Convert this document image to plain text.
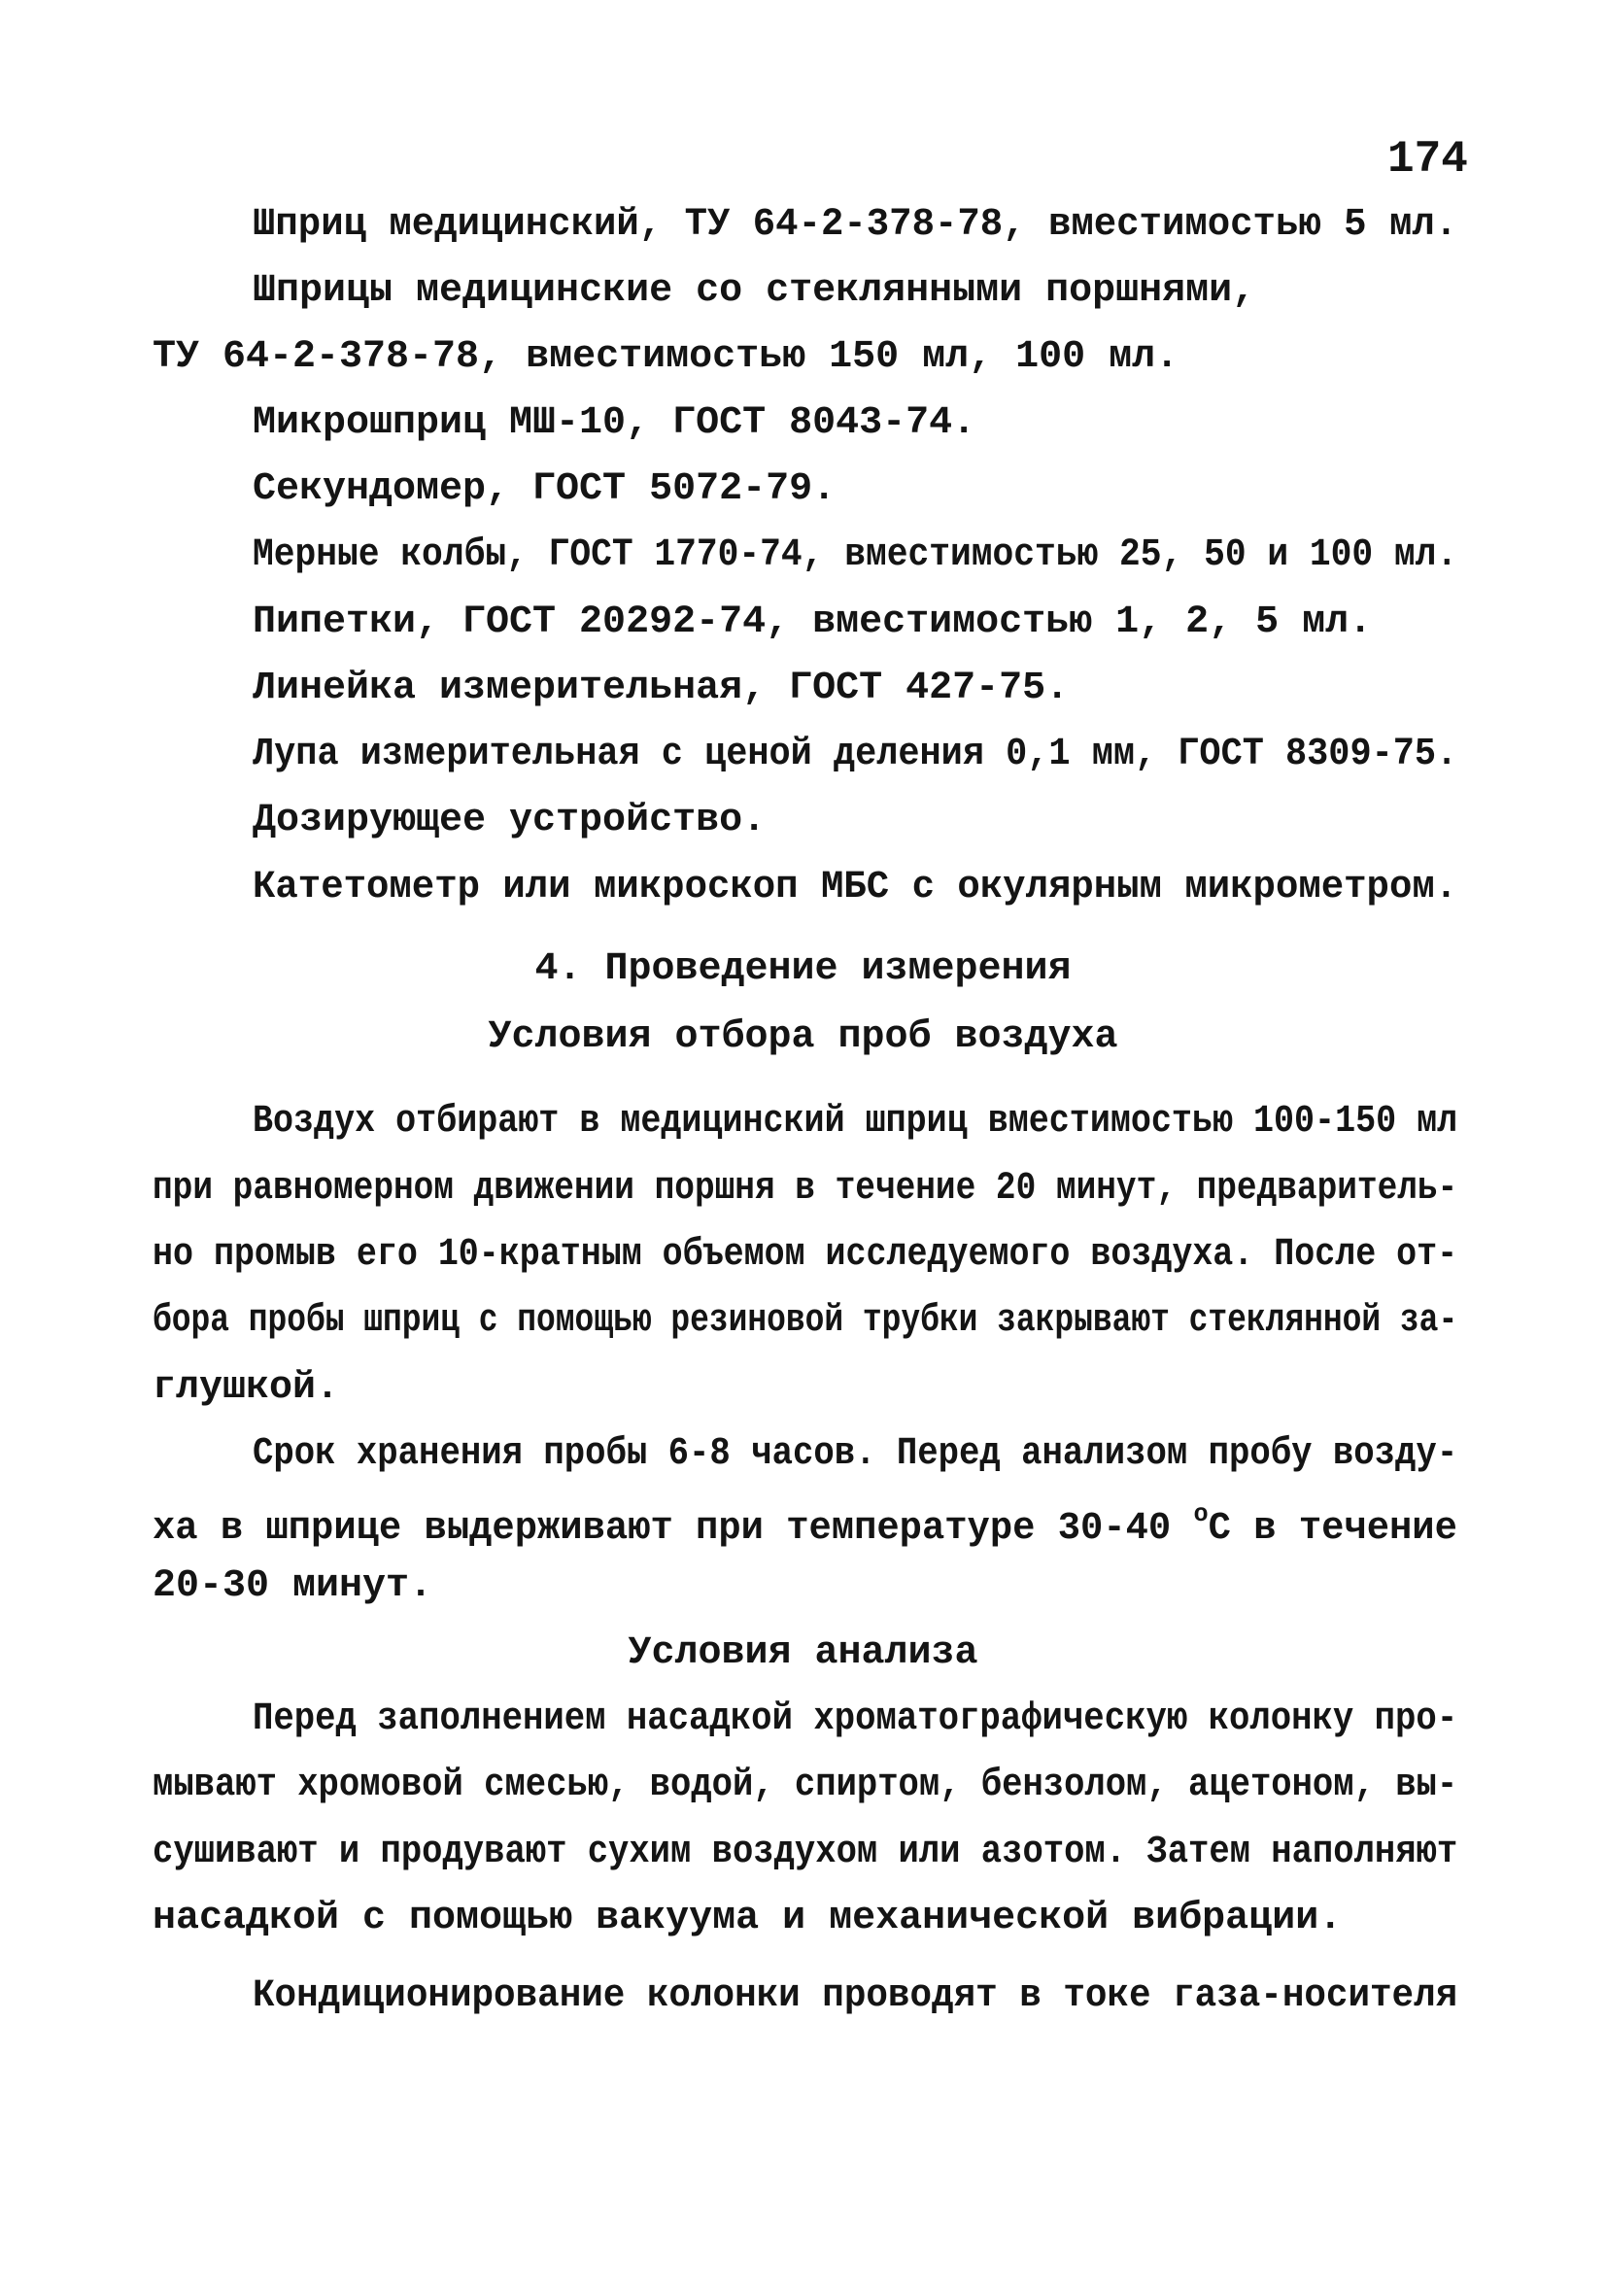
174
Шприц медицинский, ТУ 64-2-378-78, вместимостью 5 мл.
Шприцы медицинские со стеклянными поршнями,
ТУ 64-2-378-78, вместимостью 150 мл, 100 мл.
Микрошприц МШ-10, ГОСТ 8043-74.
Секундомер, ГОСТ 5072-79.
Мерные колбы, ГОСТ 1770-74, вместимостью 25, 50 и 100 мл.
Пипетки, ГОСТ 20292-74, вместимостью 1, 2, 5 мл.
Линейка измерительная, ГОСТ 427-75.
Лупа измерительная с ценой деления 0,1 мм, ГОСТ 8309-75.
Дозирующее устройство.
Катетометр или микроскоп МБС с окулярным микрометром.
4. Проведение измерения
Условия отбора проб воздуха
Воздух отбирают в медицинский шприц вместимостью 100-150 мл
при равномерном движении поршня в течение 20 минут, предваритель-
но промыв его 10-кратным объемом исследуемого воздуха. После от-
бора пробы шприц с помощью резиновой трубки закрывают стеклянной за-
глушкой.
Срок хранения пробы 6-8 часов. Перед анализом пробу возду-
ха в шприце выдерживают при температуре 30-40 $^o$С в течение
20-30 минут.
Условия анализа
Перед заполнением насадкой хроматографическую колонку про-
мывают хромовой смесью, водой, спиртом, бензолом, ацетоном, вы-
сушивают и продувают сухим воздухом или азотом. Затем наполняют
насадкой с помощью вакуума и механической вибрации.
Кондиционирование колонки проводят в токе газа-носителя
